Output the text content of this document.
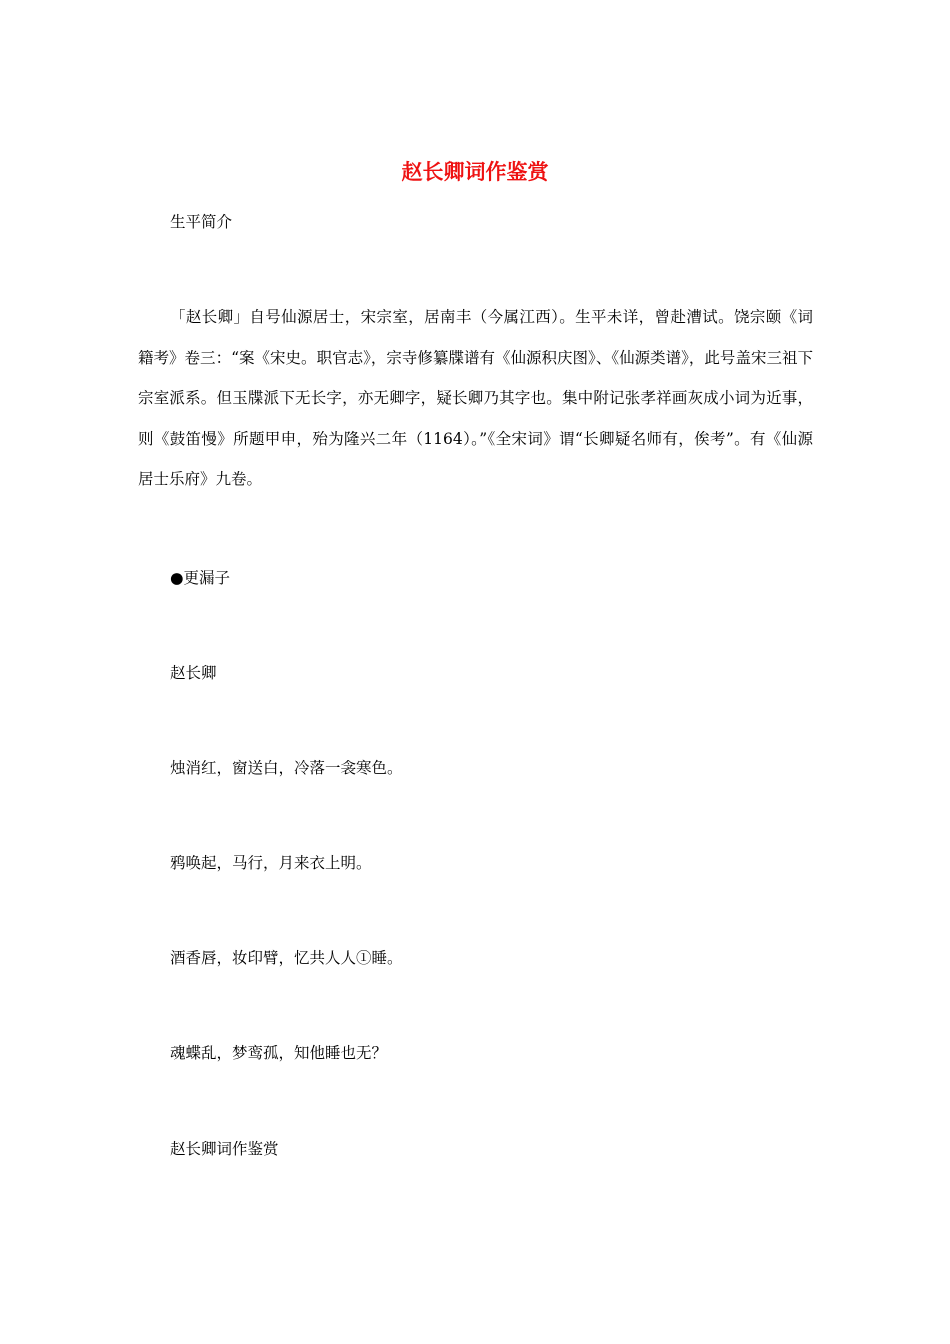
赵长卿词作鉴赏

生平简介

「赵长卿」自号仙源居士，宋宗室，居南丰（今属江西）。生平未详，曾赴漕试。饶宗颐《词籍考》卷三：“案《宋史。职官志》，宗寺修纂牒谱有《仙源积庆图》、《仙源类谱》，此号盖宋三祖下宗室派系。但玉牒派下无长字，亦无卿字，疑长卿乃其字也。集中附记张孝祥画灰成小词为近事，则《鼓笛慢》所题甲申，殆为隆兴二年（1164）。”《全宋词》谓“长卿疑名师有，俟考”。有《仙源居士乐府》九卷。

●更漏子

赵长卿

烛消红，窗送白，冷落一衾寒色。

鸦唤起，马行，月来衣上明。

酒香唇，妆印臂，忆共人人①睡。

魂蝶乱，梦鸾孤，知他睡也无？

赵长卿词作鉴赏
